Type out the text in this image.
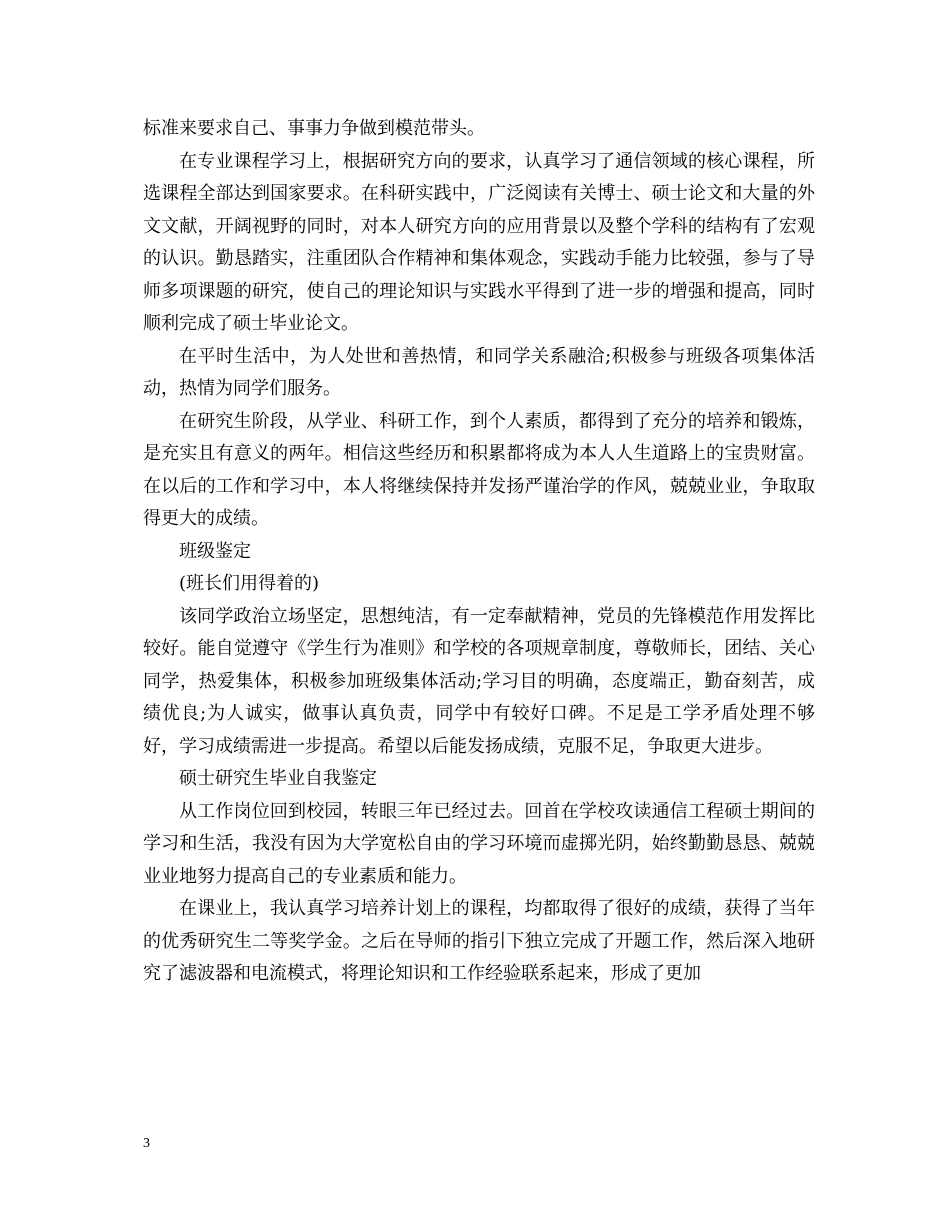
标准来要求自己、事事力争做到模范带头。

在专业课程学习上，根据研究方向的要求，认真学习了通信领域的核心课程，所选课程全部达到国家要求。在科研实践中，广泛阅读有关博士、硕士论文和大量的外文文献，开阔视野的同时，对本人研究方向的应用背景以及整个学科的结构有了宏观的认识。勤恳踏实，注重团队合作精神和集体观念，实践动手能力比较强，参与了导师多项课题的研究，使自己的理论知识与实践水平得到了进一步的增强和提高，同时顺利完成了硕士毕业论文。

在平时生活中，为人处世和善热情，和同学关系融洽;积极参与班级各项集体活动，热情为同学们服务。

在研究生阶段，从学业、科研工作，到个人素质，都得到了充分的培养和锻炼，是充实且有意义的两年。相信这些经历和积累都将成为本人人生道路上的宝贵财富。在以后的工作和学习中，本人将继续保持并发扬严谨治学的作风，兢兢业业，争取取得更大的成绩。

班级鉴定

(班长们用得着的)

该同学政治立场坚定，思想纯洁，有一定奉献精神，党员的先锋模范作用发挥比较好。能自觉遵守《学生行为准则》和学校的各项规章制度，尊敬师长，团结、关心同学，热爱集体，积极参加班级集体活动;学习目的明确，态度端正，勤奋刻苦，成绩优良;为人诚实，做事认真负责，同学中有较好口碑。不足是工学矛盾处理不够好，学习成绩需进一步提高。希望以后能发扬成绩，克服不足，争取更大进步。

硕士研究生毕业自我鉴定

从工作岗位回到校园，转眼三年已经过去。回首在学校攻读通信工程硕士期间的学习和生活，我没有因为大学宽松自由的学习环境而虚掷光阴，始终勤勤恳恳、兢兢业业地努力提高自己的专业素质和能力。

在课业上，我认真学习培养计划上的课程，均都取得了很好的成绩，获得了当年的优秀研究生二等奖学金。之后在导师的指引下独立完成了开题工作，然后深入地研究了滤波器和电流模式，将理论知识和工作经验联系起来，形成了更加

3
